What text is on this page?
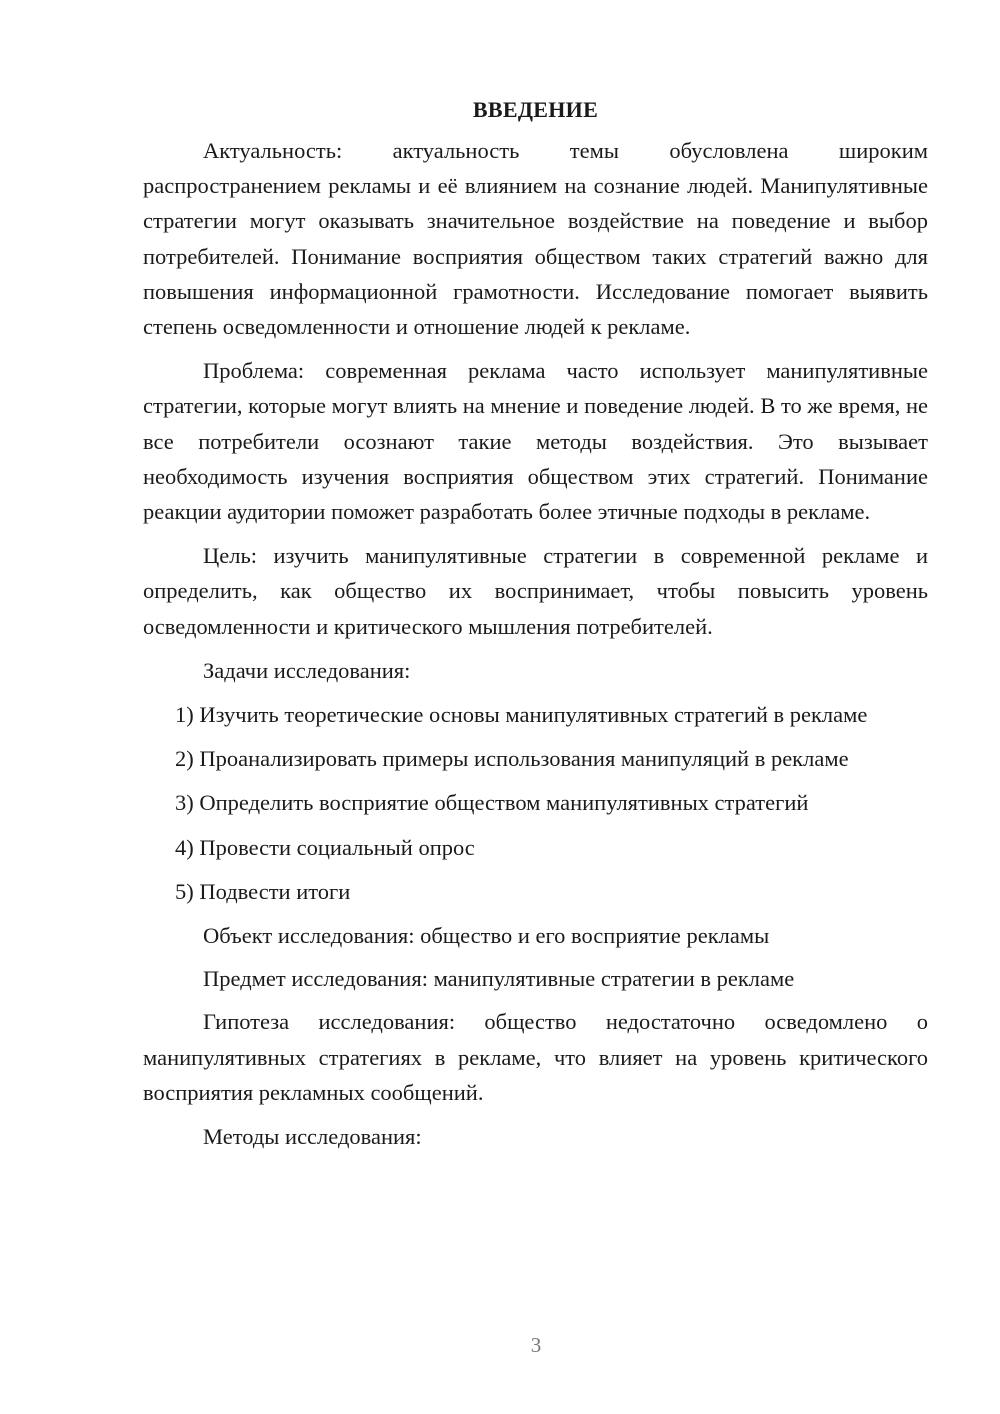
ВВЕДЕНИЕ

Актуальность: актуальность темы обусловлена широким распространением рекламы и её влиянием на сознание людей. Манипулятивные стратегии могут оказывать значительное воздействие на поведение и выбор потребителей. Понимание восприятия обществом таких стратегий важно для повышения информационной грамотности. Исследование помогает выявить степень осведомленности и отношение людей к рекламе.

Проблема: современная реклама часто использует манипулятивные стратегии, которые могут влиять на мнение и поведение людей. В то же время, не все потребители осознают такие методы воздействия. Это вызывает необходимость изучения восприятия обществом этих стратегий. Понимание реакции аудитории поможет разработать более этичные подходы в рекламе.

Цель: изучить манипулятивные стратегии в современной рекламе и определить, как общество их воспринимает, чтобы повысить уровень осведомленности и критического мышления потребителей.

Задачи исследования:

1) Изучить теоретические основы манипулятивных стратегий в рекламе

2) Проанализировать примеры использования манипуляций в рекламе

3) Определить восприятие обществом манипулятивных стратегий

4) Провести социальный опрос

5) Подвести итоги

Объект исследования: общество и его восприятие рекламы

Предмет исследования: манипулятивные стратегии в рекламе

Гипотеза исследования: общество недостаточно осведомлено о манипулятивных стратегиях в рекламе, что влияет на уровень критического восприятия рекламных сообщений.

Методы исследования:

3
